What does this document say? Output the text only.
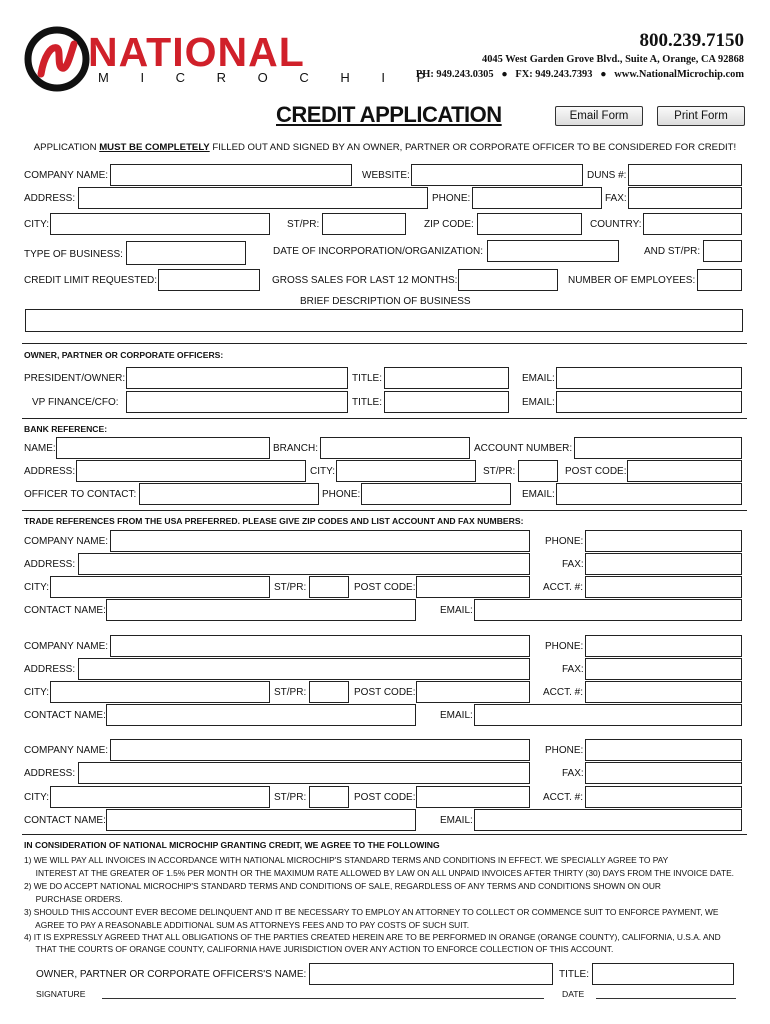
NATIONAL
M I C R O C H I P
800.239.7150
4045 West Garden Grove Blvd., Suite A, Orange, CA 92868
PH: 949.243.0305   ●   FX: 949.243.7393   ●   www.NationalMicrochip.com
CREDIT APPLICATION	Email Form	Print Form
APPLICATION MUST BE COMPLETELY FILLED OUT AND SIGNED BY AN OWNER, PARTNER OR CORPORATE OFFICER TO BE CONSIDERED FOR CREDIT!
COMPANY NAME:	WEBSITE:	DUNS #:
ADDRESS:	PHONE:	FAX:
CITY:	ST/PR:	ZIP CODE:	COUNTRY:
TYPE OF BUSINESS:	DATE OF INCORPORATION/ORGANIZATION:	AND ST/PR:
CREDIT LIMIT REQUESTED:	GROSS SALES FOR LAST 12 MONTHS:	NUMBER OF EMPLOYEES:
BRIEF DESCRIPTION OF BUSINESS
OWNER, PARTNER OR CORPORATE OFFICERS:
PRESIDENT/OWNER:	TITLE:	EMAIL:
VP FINANCE/CFO:	TITLE:	EMAIL:
BANK REFERENCE:
NAME:	BRANCH:	ACCOUNT NUMBER:
ADDRESS:	CITY:	ST/PR:	POST CODE:
OFFICER TO CONTACT:	PHONE:	EMAIL:
TRADE REFERENCES FROM THE USA PREFERRED. PLEASE GIVE ZIP CODES AND LIST ACCOUNT AND FAX NUMBERS:
COMPANY NAME:	PHONE:
ADDRESS:	FAX:
CITY:	ST/PR:	POST CODE:	ACCT. #:
CONTACT NAME:	EMAIL:
COMPANY NAME:	PHONE:
ADDRESS:	FAX:
CITY:	ST/PR:	POST CODE:	ACCT. #:
CONTACT NAME:	EMAIL:
COMPANY NAME:	PHONE:
ADDRESS:	FAX:
CITY:	ST/PR:	POST CODE:	ACCT. #:
CONTACT NAME:	EMAIL:
IN CONSIDERATION OF NATIONAL MICROCHIP GRANTING CREDIT, WE AGREE TO THE FOLLOWING
1) WE WILL PAY ALL INVOICES IN ACCORDANCE WITH NATIONAL MICROCHIP'S STANDARD TERMS AND CONDITIONS IN EFFECT. WE SPECIALLY AGREE TO PAY
INTEREST AT THE GREATER OF 1.5% PER MONTH OR THE MAXIMUM RATE ALLOWED BY LAW ON ALL UNPAID INVOICES AFTER THIRTY (30) DAYS FROM THE INVOICE DATE.
2) WE DO ACCEPT NATIONAL MICROCHIP'S STANDARD TERMS AND CONDITIONS OF SALE, REGARDLESS OF ANY TERMS AND CONDITIONS SHOWN ON OUR
PURCHASE ORDERS.
3) SHOULD THIS ACCOUNT EVER BECOME DELINQUENT AND IT BE NECESSARY TO EMPLOY AN ATTORNEY TO COLLECT OR COMMENCE SUIT TO ENFORCE PAYMENT, WE
AGREE TO PAY A REASONABLE ADDITIONAL SUM AS ATTORNEYS FEES AND TO PAY COSTS OF SUCH SUIT.
4) IT IS EXPRESSLY AGREED THAT ALL OBLIGATIONS OF THE PARTIES CREATED HEREIN ARE TO BE PERFORMED IN ORANGE (ORANGE COUNTY), CALIFORNIA, U.S.A. AND
THAT THE COURTS OF ORANGE COUNTY, CALIFORNIA HAVE JURISDICTION OVER ANY ACTION TO ENFORCE COLLECTION OF THIS ACCOUNT.
OWNER, PARTNER OR CORPORATE OFFICERS'S NAME:	TITLE:
SIGNATURE	DATE
